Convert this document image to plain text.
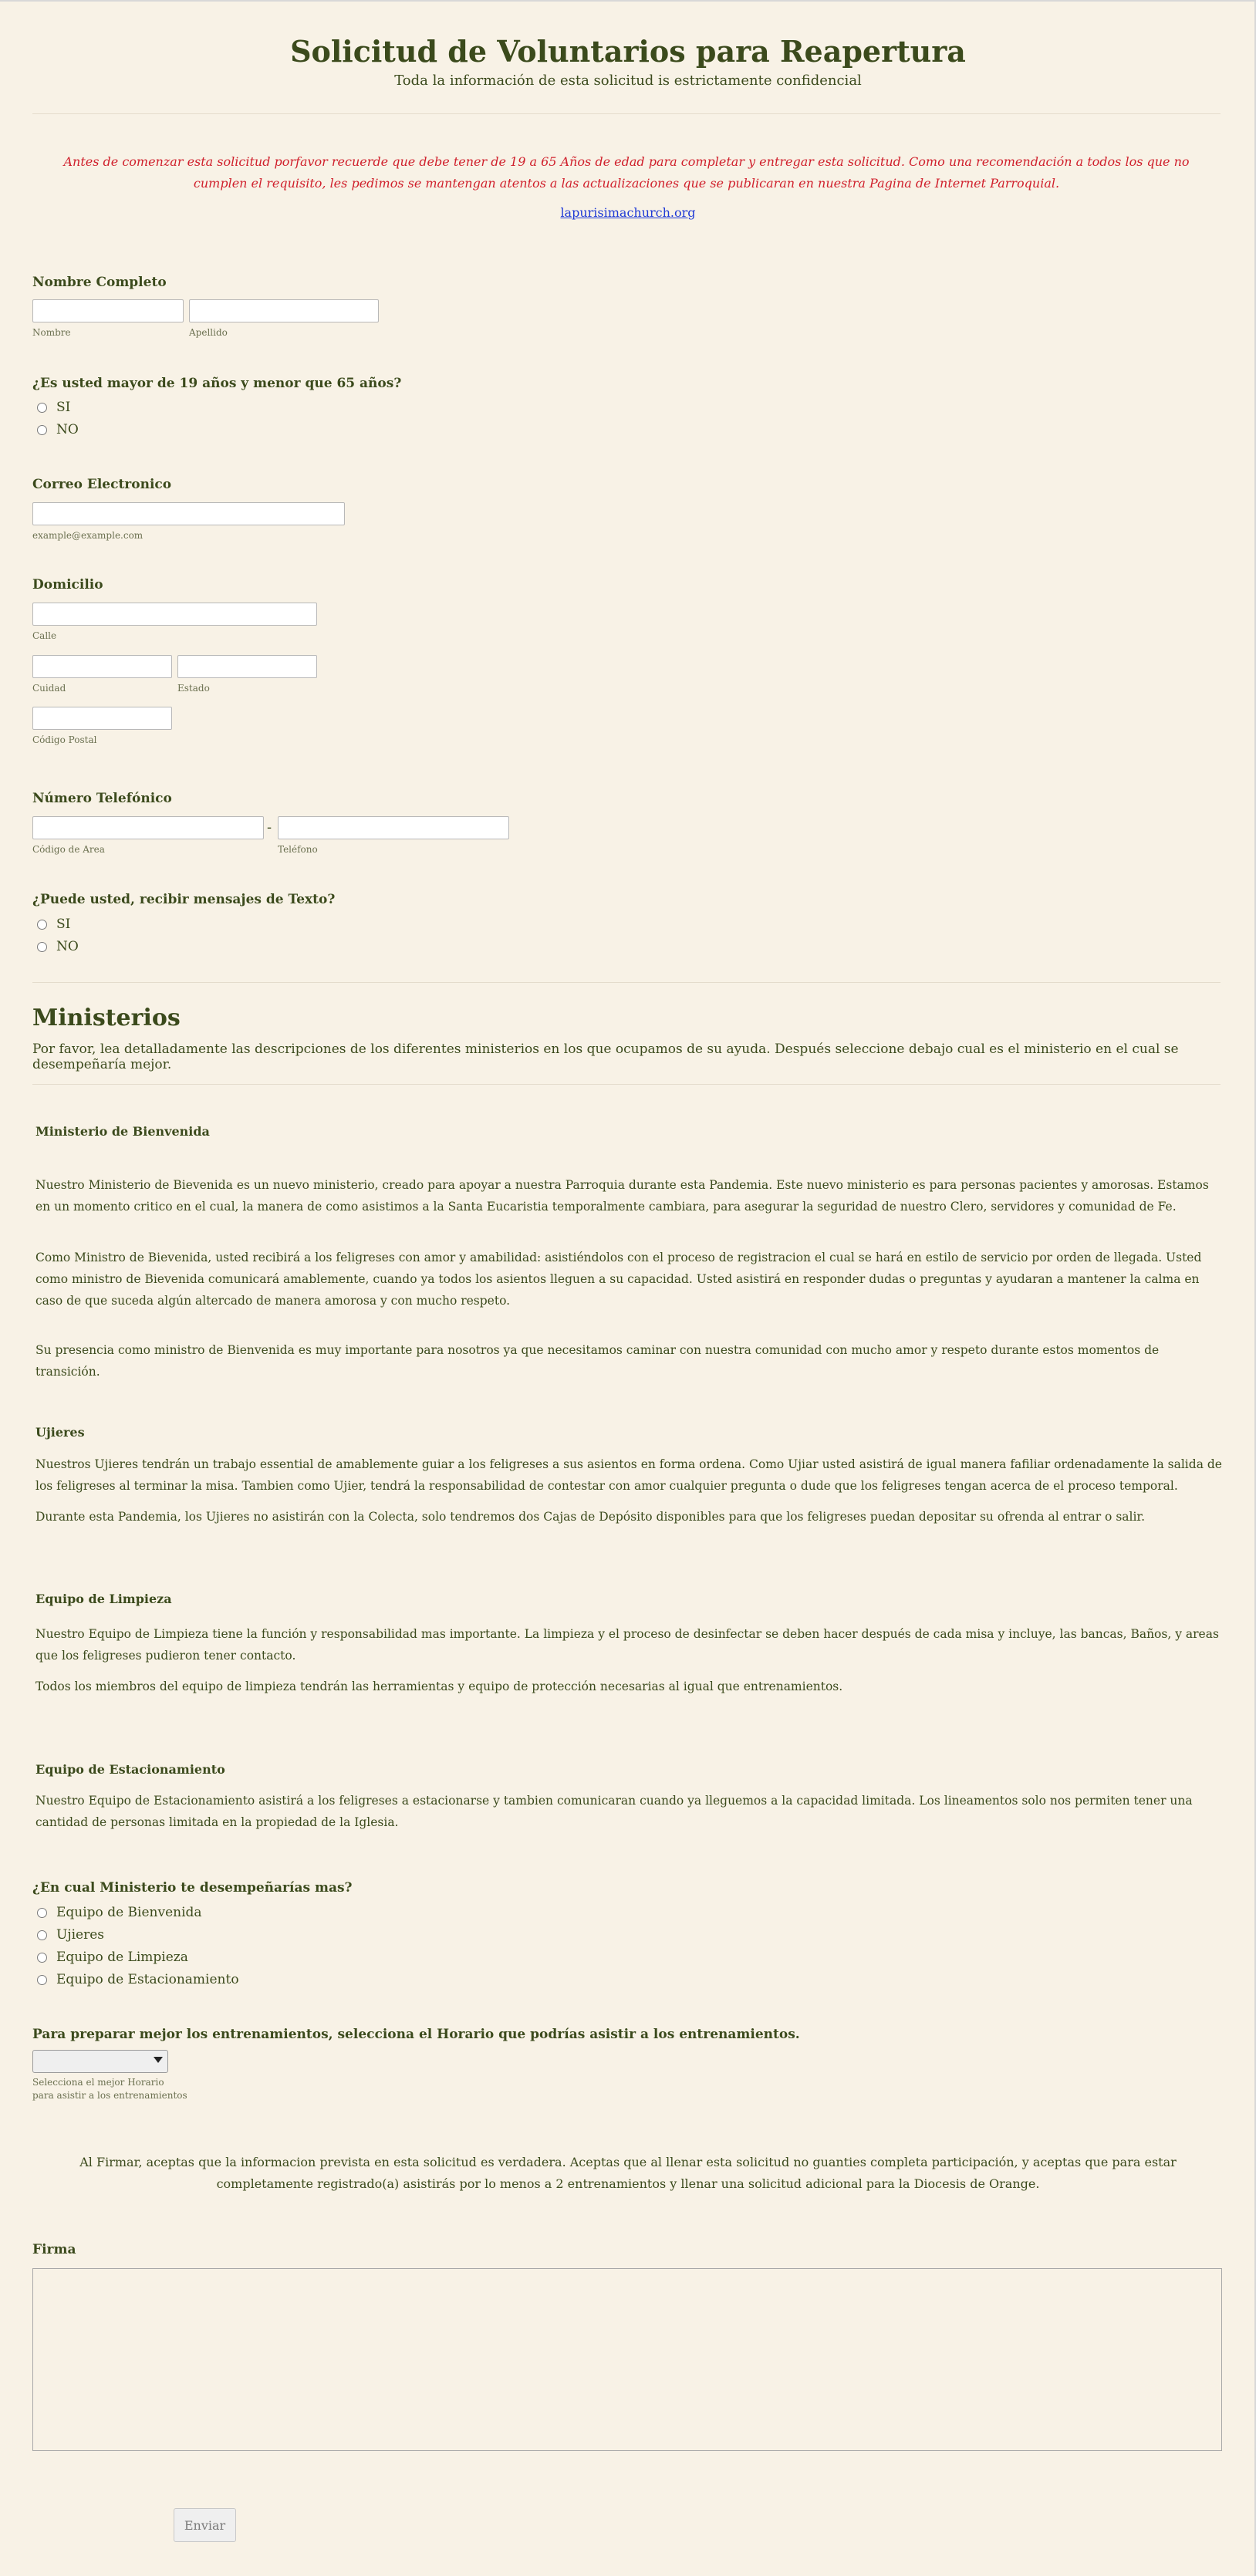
Solicitud de Voluntarios para Reapertura
Toda la información de esta solicitud is estrictamente confidencial
Antes de comenzar esta solicitud porfavor recuerde que debe tener de 19 a 65 Años de edad para completar y entregar esta solicitud. Como una recomendación a todos los que no cumplen el requisito, les pedimos se mantengan atentos a las actualizaciones que se publicaran en nuestra Pagina de Internet Parroquial.
lapurisimachurch.org
Nombre Completo
Nombre	Apellido
¿Es usted mayor de 19 años y menor que 65 años?
SI
NO
Correo Electronico
example@example.com
Domicilio
Calle
Cuidad	Estado
Código Postal
Número Telefónico
-
Código de Area	Teléfono
¿Puede usted, recibir mensajes de Texto?
SI
NO
Ministerios
Por favor, lea detalladamente las descripciones de los diferentes ministerios en los que ocupamos de su ayuda. Después seleccione debajo cual es el ministerio en el cual se desempeñaría mejor.
Ministerio de Bienvenida
Nuestro Ministerio de Bievenida es un nuevo ministerio, creado para apoyar a nuestra Parroquia durante esta Pandemia. Este nuevo ministerio es para personas pacientes y amorosas. Estamos en un momento critico en el cual, la manera de como asistimos a la Santa Eucaristia temporalmente cambiara, para asegurar la seguridad de nuestro Clero, servidores y comunidad de Fe.
Como Ministro de Bievenida, usted recibirá a los feligreses con amor y amabilidad: asistiéndolos con el proceso de registracion el cual se hará en estilo de servicio por orden de llegada. Usted como ministro de Bievenida comunicará amablemente, cuando ya todos los asientos lleguen a su capacidad. Usted asistirá en responder dudas o preguntas y ayudaran a mantener la calma en caso de que suceda algún altercado de manera amorosa y con mucho respeto.
Su presencia como ministro de Bienvenida es muy importante para nosotros ya que necesitamos caminar con nuestra comunidad con mucho amor y respeto durante estos momentos de transición.
Ujieres
Nuestros Ujieres tendrán un trabajo essential de amablemente guiar a los feligreses a sus asientos en forma ordena. Como Ujiar usted asistirá de igual manera fafiliar ordenadamente la salida de los feligreses al terminar la misa. Tambien como Ujier, tendrá la responsabilidad de contestar con amor cualquier pregunta o dude que los feligreses tengan acerca de el proceso temporal.
Durante esta Pandemia, los Ujieres no asistirán con la Colecta, solo tendremos dos Cajas de Depósito disponibles para que los feligreses puedan depositar su ofrenda al entrar o salir.
Equipo de Limpieza
Nuestro Equipo de Limpieza tiene la función y responsabilidad mas importante. La limpieza y el proceso de desinfectar se deben hacer después de cada misa y incluye, las bancas, Baños, y areas que los feligreses pudieron tener contacto.
Todos los miembros del equipo de limpieza tendrán las herramientas y equipo de protección necesarias al igual que entrenamientos.
Equipo de Estacionamiento
Nuestro Equipo de Estacionamiento asistirá a los feligreses a estacionarse y tambien comunicaran cuando ya lleguemos a la capacidad limitada. Los lineamentos solo nos permiten tener una cantidad de personas limitada en la propiedad de la Iglesia.
¿En cual Ministerio te desempeñarías mas?
Equipo de Bienvenida
Ujieres
Equipo de Limpieza
Equipo de Estacionamiento
Para preparar mejor los entrenamientos, selecciona el Horario que podrías asistir a los entrenamientos.
Selecciona el mejor Horario
para asistir a los entrenamientos
Al Firmar, aceptas que la informacion prevista en esta solicitud es verdadera. Aceptas que al llenar esta solicitud no guanties completa participación, y aceptas que para estar completamente registrado(a) asistirás por lo menos a 2 entrenamientos y llenar una solicitud adicional para la Diocesis de Orange.
Firma
Enviar
